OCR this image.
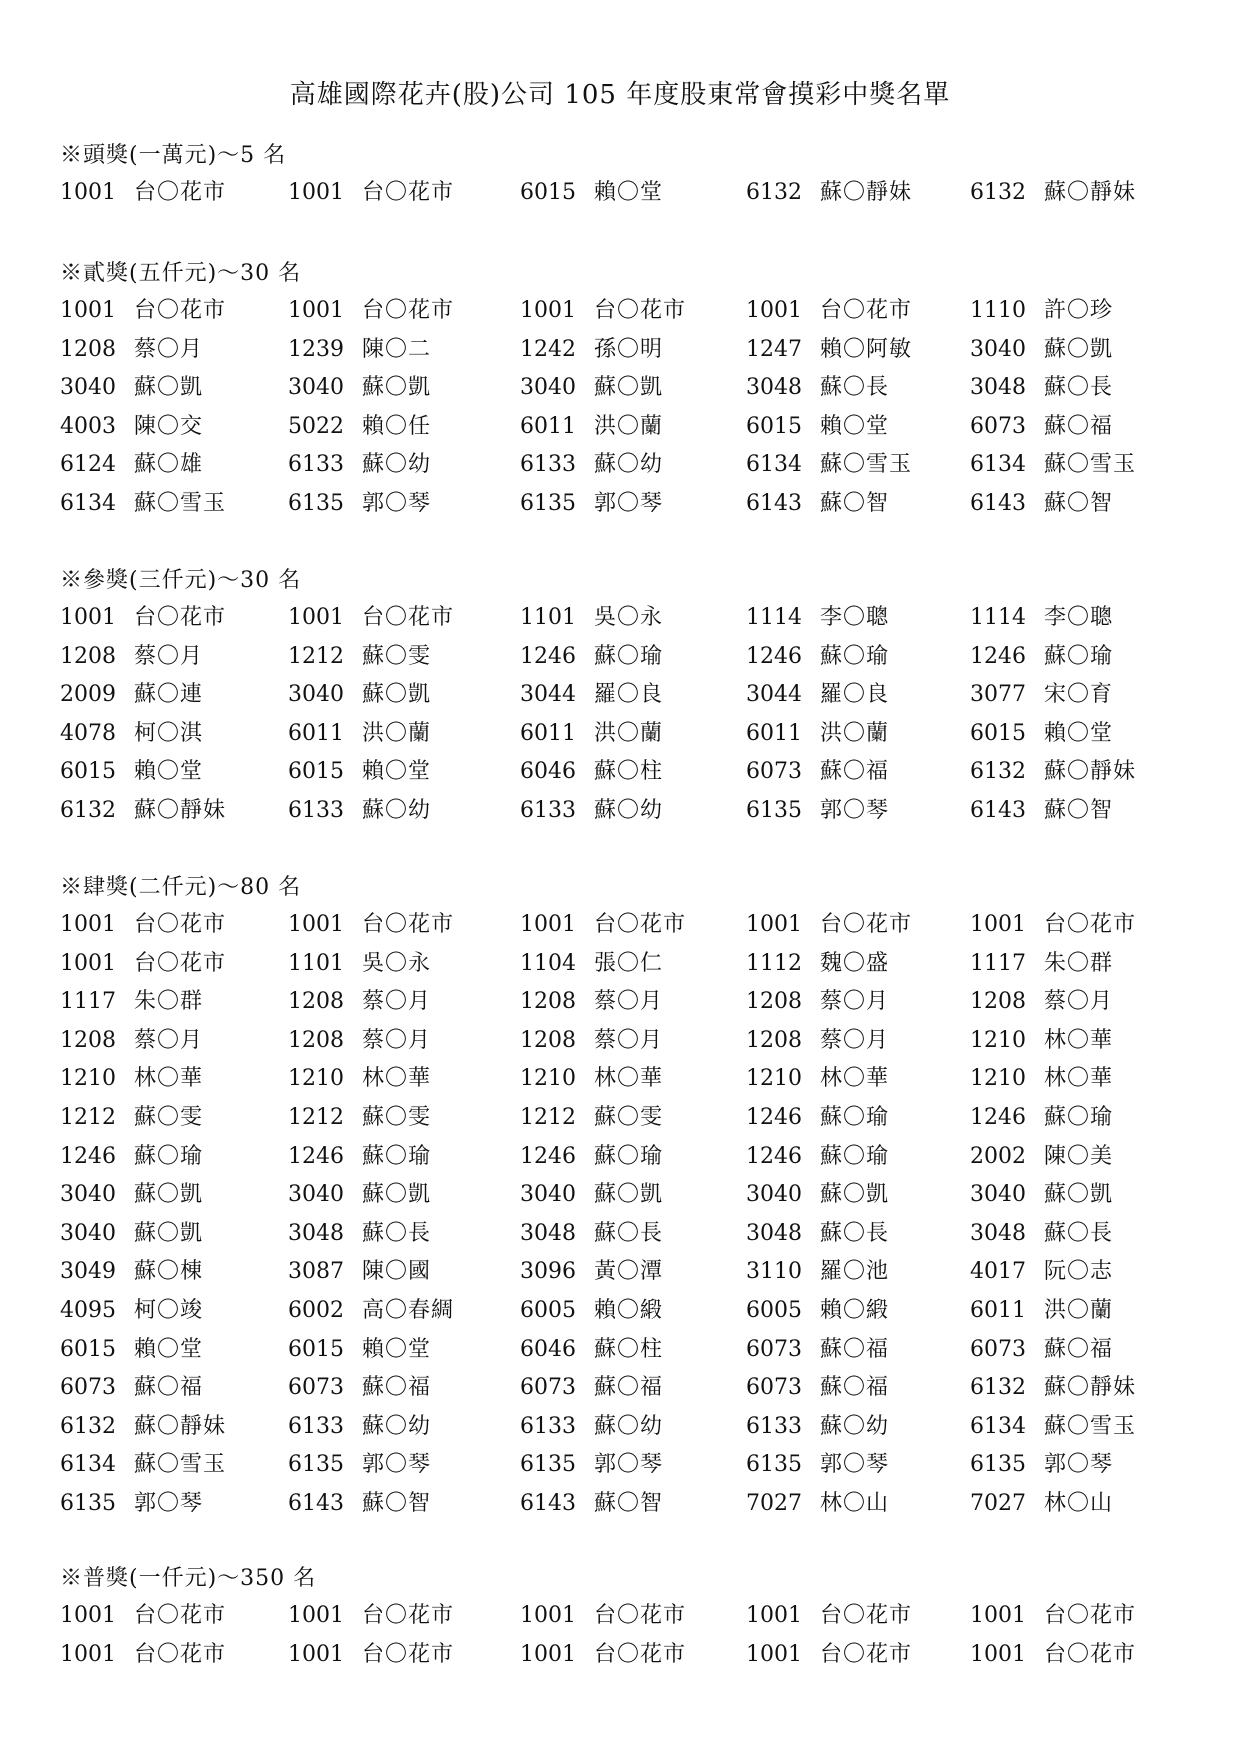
高雄國際花卉(股)公司 105 年度股東常會摸彩中獎名單
※頭獎(一萬元)～5 名
1001 台〇花市	1001 台〇花市	6015 賴〇堂	6132 蘇〇靜妹	6132 蘇〇靜妹
※貳獎(五仟元)～30 名
1001 台〇花市	1001 台〇花市	1001 台〇花市	1001 台〇花市	1110 許〇珍
1208 蔡〇月	1239 陳〇二	1242 孫〇明	1247 賴〇阿敏	3040 蘇〇凱
3040 蘇〇凱	3040 蘇〇凱	3040 蘇〇凱	3048 蘇〇長	3048 蘇〇長
4003 陳〇交	5022 賴〇任	6011 洪〇蘭	6015 賴〇堂	6073 蘇〇福
6124 蘇〇雄	6133 蘇〇幼	6133 蘇〇幼	6134 蘇〇雪玉	6134 蘇〇雪玉
6134 蘇〇雪玉	6135 郭〇琴	6135 郭〇琴	6143 蘇〇智	6143 蘇〇智
※參獎(三仟元)～30 名
1001 台〇花市	1001 台〇花市	1101 吳〇永	1114 李〇聰	1114 李〇聰
1208 蔡〇月	1212 蘇〇雯	1246 蘇〇瑜	1246 蘇〇瑜	1246 蘇〇瑜
2009 蘇〇連	3040 蘇〇凱	3044 羅〇良	3044 羅〇良	3077 宋〇育
4078 柯〇淇	6011 洪〇蘭	6011 洪〇蘭	6011 洪〇蘭	6015 賴〇堂
6015 賴〇堂	6015 賴〇堂	6046 蘇〇柱	6073 蘇〇福	6132 蘇〇靜妹
6132 蘇〇靜妹	6133 蘇〇幼	6133 蘇〇幼	6135 郭〇琴	6143 蘇〇智
※肆獎(二仟元)～80 名
1001 台〇花市	1001 台〇花市	1001 台〇花市	1001 台〇花市	1001 台〇花市
1001 台〇花市	1101 吳〇永	1104 張〇仁	1112 魏〇盛	1117 朱〇群
1117 朱〇群	1208 蔡〇月	1208 蔡〇月	1208 蔡〇月	1208 蔡〇月
1208 蔡〇月	1208 蔡〇月	1208 蔡〇月	1208 蔡〇月	1210 林〇華
1210 林〇華	1210 林〇華	1210 林〇華	1210 林〇華	1210 林〇華
1212 蘇〇雯	1212 蘇〇雯	1212 蘇〇雯	1246 蘇〇瑜	1246 蘇〇瑜
1246 蘇〇瑜	1246 蘇〇瑜	1246 蘇〇瑜	1246 蘇〇瑜	2002 陳〇美
3040 蘇〇凱	3040 蘇〇凱	3040 蘇〇凱	3040 蘇〇凱	3040 蘇〇凱
3040 蘇〇凱	3048 蘇〇長	3048 蘇〇長	3048 蘇〇長	3048 蘇〇長
3049 蘇〇棟	3087 陳〇國	3096 黃〇潭	3110 羅〇池	4017 阮〇志
4095 柯〇竣	6002 高〇春綢	6005 賴〇緞	6005 賴〇緞	6011 洪〇蘭
6015 賴〇堂	6015 賴〇堂	6046 蘇〇柱	6073 蘇〇福	6073 蘇〇福
6073 蘇〇福	6073 蘇〇福	6073 蘇〇福	6073 蘇〇福	6132 蘇〇靜妹
6132 蘇〇靜妹	6133 蘇〇幼	6133 蘇〇幼	6133 蘇〇幼	6134 蘇〇雪玉
6134 蘇〇雪玉	6135 郭〇琴	6135 郭〇琴	6135 郭〇琴	6135 郭〇琴
6135 郭〇琴	6143 蘇〇智	6143 蘇〇智	7027 林〇山	7027 林〇山
※普獎(一仟元)～350 名
1001 台〇花市	1001 台〇花市	1001 台〇花市	1001 台〇花市	1001 台〇花市
1001 台〇花市	1001 台〇花市	1001 台〇花市	1001 台〇花市	1001 台〇花市
